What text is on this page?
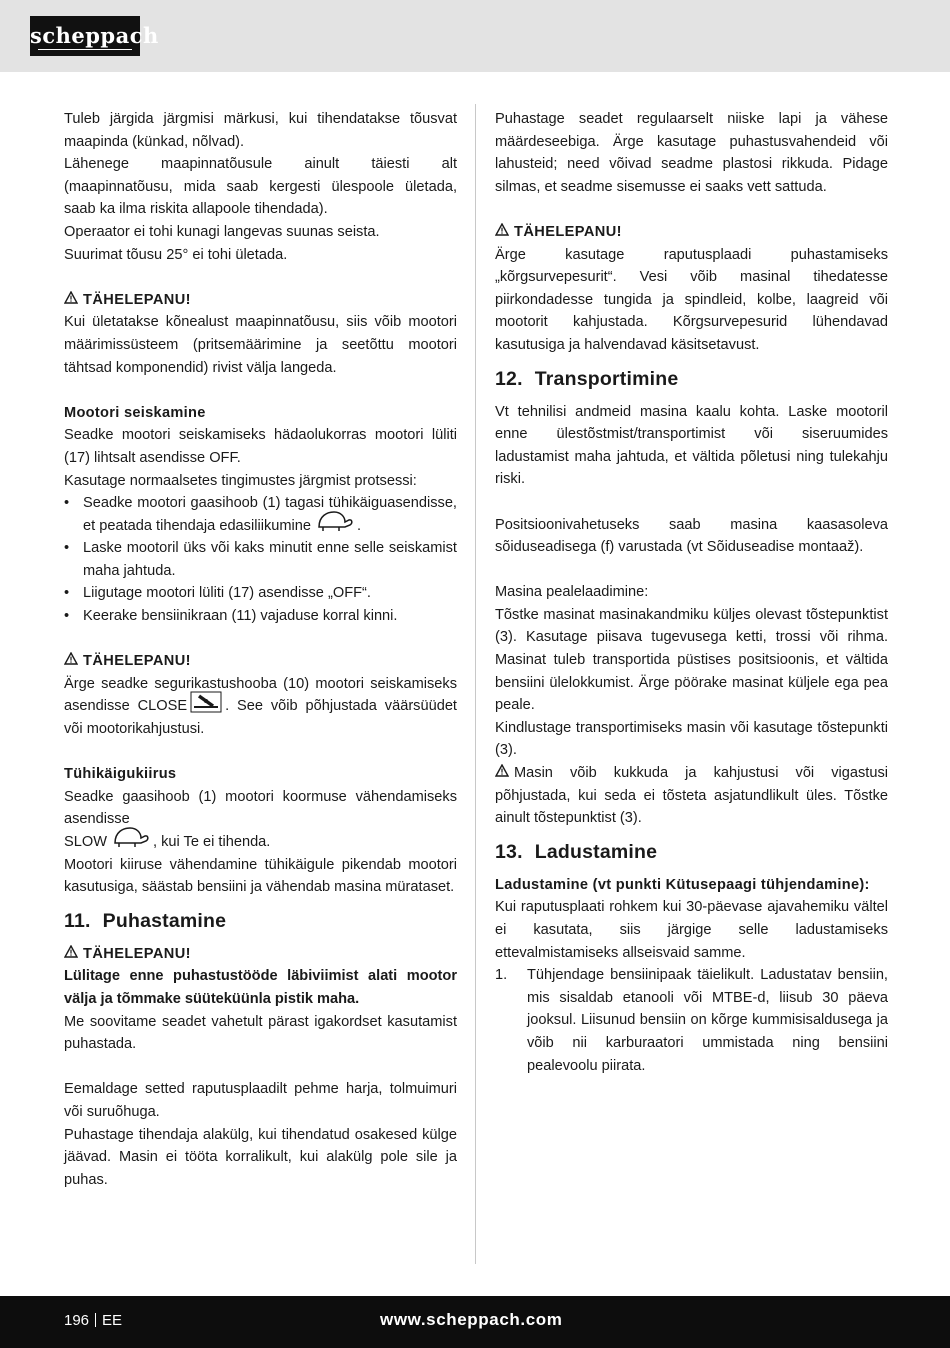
scheppach

Tuleb järgida järgmisi märkusi, kui tihendatakse tõusvat maapinda (künkad, nõlvad).

Lähenege maapinnatõusule ainult täiesti alt (maapinnatõusu, mida saab kergesti ülespoole ületada, saab ka ilma riskita allapoole tihendada).

Operaator ei tohi kunagi langevas suunas seista.

Suurimat tõusu 25° ei tohi ületada.

TÄHELEPANU!

Kui ületatakse kõnealust maapinnatõusu, siis võib mootori määrimissüsteem (pritsemäärimine ja seetõttu mootori tähtsad komponendid) rivist välja langeda.

Mootori seiskamine

Seadke mootori seiskamiseks hädaolukorras mootori lüliti (17) lihtsalt asendisse OFF.

Kasutage normaalsetes tingimustes järgmist protsessi:

• Seadke mootori gaasihoob (1) tagasi tühikäiguasendisse, et peatada tihendaja edasiliikumine	.
• Laske mootoril üks või kaks minutit enne selle seiskamist maha jahtuda.
• Liigutage mootori lüliti (17) asendisse „OFF“.
• Keerake bensiinikraan (11) vajaduse korral kinni.

TÄHELEPANU!

Ärge seadke segurikastushooba (10) mootori seiskamiseks asendisse CLOSE	. See võib põhjustada väärsüüdet või mootorikahjustusi.

Tühikäigukiirus

Seadke gaasihoob (1) mootori koormuse vähendamiseks asendisse

SLOW	, kui Te ei tihenda.

Mootori kiiruse vähendamine tühikäigule pikendab mootori kasutusiga, säästab bensiini ja vähendab masina mürataset.

11. Puhastamine

TÄHELEPANU!

Lülitage enne puhastustööde läbiviimist alati mootor välja ja tõmmake süüteküünla pistik maha.

Me soovitame seadet vahetult pärast igakordset kasutamist puhastada.

Eemaldage setted raputusplaadilt pehme harja, tolmuimuri või suruõhuga.

Puhastage tihendaja alakülg, kui tihendatud osakesed külge jäävad. Masin ei tööta korralikult, kui alakülg pole sile ja puhas.

Puhastage seadet regulaarselt niiske lapi ja vähese määrdeseebiga. Ärge kasutage puhastusvahendeid või lahusteid; need võivad seadme plastosi rikkuda. Pidage silmas, et seadme sisemusse ei saaks vett sattuda.

TÄHELEPANU!

Ärge kasutage raputusplaadi puhastamiseks „kõrgsurvepesurit“. Vesi võib masinal tihedatesse piirkondadesse tungida ja spindleid, kolbe, laagreid või mootorit kahjustada. Kõrgsurvepesurid lühendavad kasutusiga ja halvendavad käsitsetavust.

12. Transportimine

Vt tehnilisi andmeid masina kaalu kohta. Laske mootoril enne ülestõstmist/transportimist või siseruumides ladustamist maha jahtuda, et vältida põletusi ning tulekahju riski.

Positsioonivahetuseks saab masina kaasasoleva sõiduseadisega (f) varustada (vt Sõiduseadise montaaž).

Masina pealelaadimine:

Tõstke masinat masinakandmiku küljes olevast tõstepunktist (3). Kasutage piisava tugevusega ketti, trossi või rihma. Masinat tuleb transportida püstises positsioonis, et vältida bensiini ülelokkumist. Ärge pöörake masinat küljele ega pea peale.

Kindlustage transportimiseks masin või kasutage tõstepunkti (3).

Masin võib kukkuda ja kahjustusi või vigastusi põhjustada, kui seda ei tõsteta asjatundlikult üles. Tõstke ainult tõstepunktist (3).

13. Ladustamine

Ladustamine (vt punkti Kütusepaagi tühjendamine):

Kui raputusplaati rohkem kui 30-päevase ajavahemiku vältel ei kasutata, siis järgige selle ladustamiseks ettevalmistamiseks allseisvaid samme.

1. Tühjendage bensiinipaak täielikult. Ladustatav bensiin, mis sisaldab etanooli või MTBE-d, liisub 30 päeva jooksul. Liisunud bensiin on kõrge kummisisaldusega ja võib nii karburaatori ummistada ning bensiini pealevoolu piirata.
196 EE	www.scheppach.com
